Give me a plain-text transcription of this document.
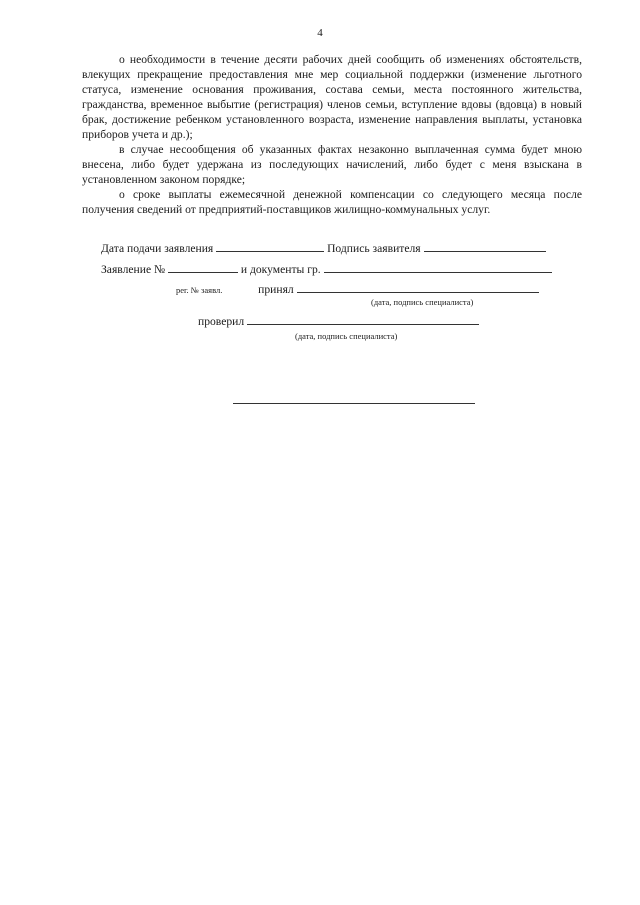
4

о необходимости в течение десяти рабочих дней сообщить об изменениях обстоятельств, влекущих прекращение предоставления мне мер социальной поддержки (изменение льготного статуса, изменение основания проживания, состава семьи, места постоянного жительства, гражданства, временное выбытие (регистрация) членов семьи, вступление вдовы (вдовца) в новый брак, достижение ребенком установленного возраста, изменение направления выплаты, установка приборов учета и др.);

в случае несообщения об указанных фактах незаконно выплаченная сумма будет мною внесена, либо будет удержана из последующих начислений, либо будет с меня взыскана в установленном законом порядке;

о сроке выплаты ежемесячной денежной компенсации со следующего месяца после получения сведений от предприятий-поставщиков жилищно-коммунальных услуг.

Дата подачи заявления	Подпись заявителя
Заявление №	и документы гр.
рег. № заявл.	принял
(дата, подпись специалиста)
проверил
(дата, подпись специалиста)
